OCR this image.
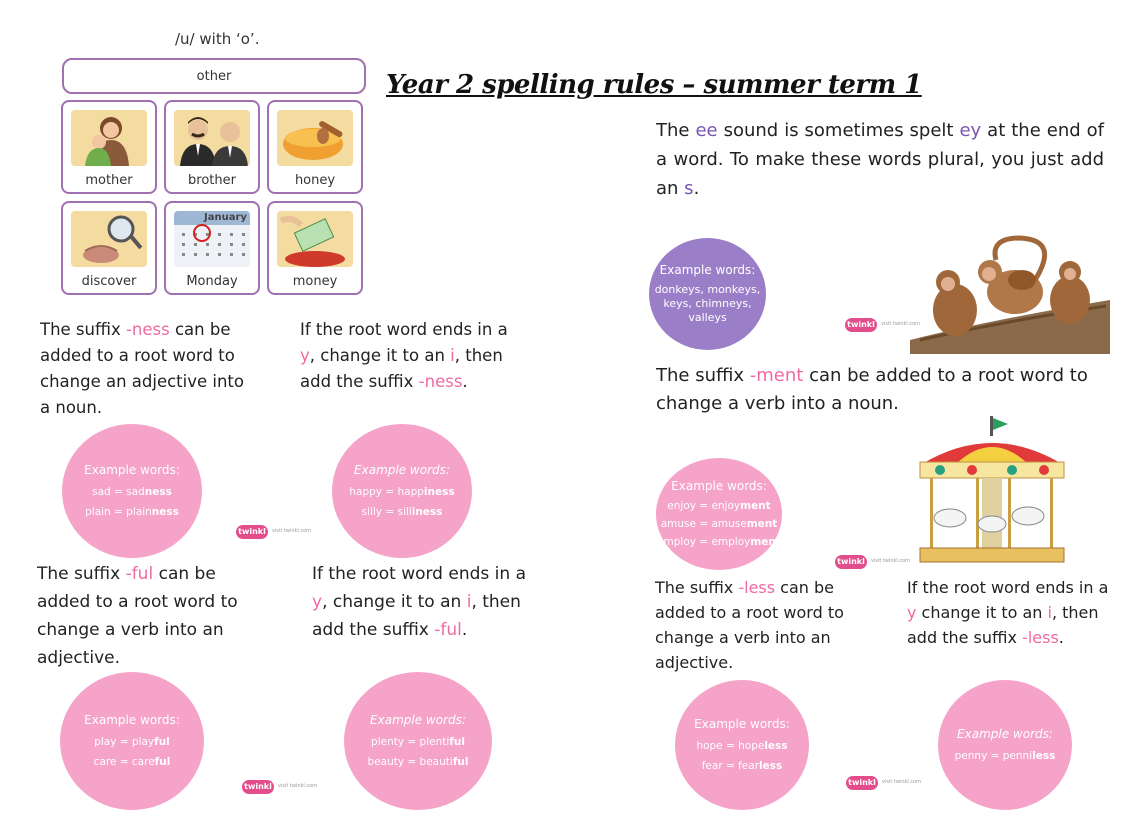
/u/ with ‘o’.
Year 2 spelling rules – summer term 1
other
mother	brother	honey
discover
January
Monday	money
The suffix -ness can be added to a root word to change an adjective into a noun.
If the root word ends in a y, change it to an i, then add the suffix -ness.
Example words:
sad = sadness
plain = plainness
Example words:
happy = happiness
silly = silliness
twinkl	visit twinkl.com
The suffix -ful can be added to a root word to change a verb into an adjective.
If the root word ends in a y, change it to an i, then add the suffix -ful.
Example words:
play = playful
care = careful
Example words:
plenty = plentiful
beauty = beautiful
twinkl	visit twinkl.com
The ee sound is sometimes spelt ey at the end of a word. To make these words plural, you just add an s.
Example words:
donkeys, monkeys,
keys, chimneys,
valleys
twinkl	visit twinkl.com
The suffix -ment can be added to a root word to change a verb into a noun.
Example words:
enjoy = enjoyment
amuse = amusement
employ = employment
twinkl	visit twinkl.com
The suffix -less can be added to a root word to change a verb into an adjective.
If the root word ends in a y change it to an i, then add the suffix -less.
Example words:
hope = hopeless
fear = fearless
Example words:
penny = penniless
twinkl	visit twinkl.com
